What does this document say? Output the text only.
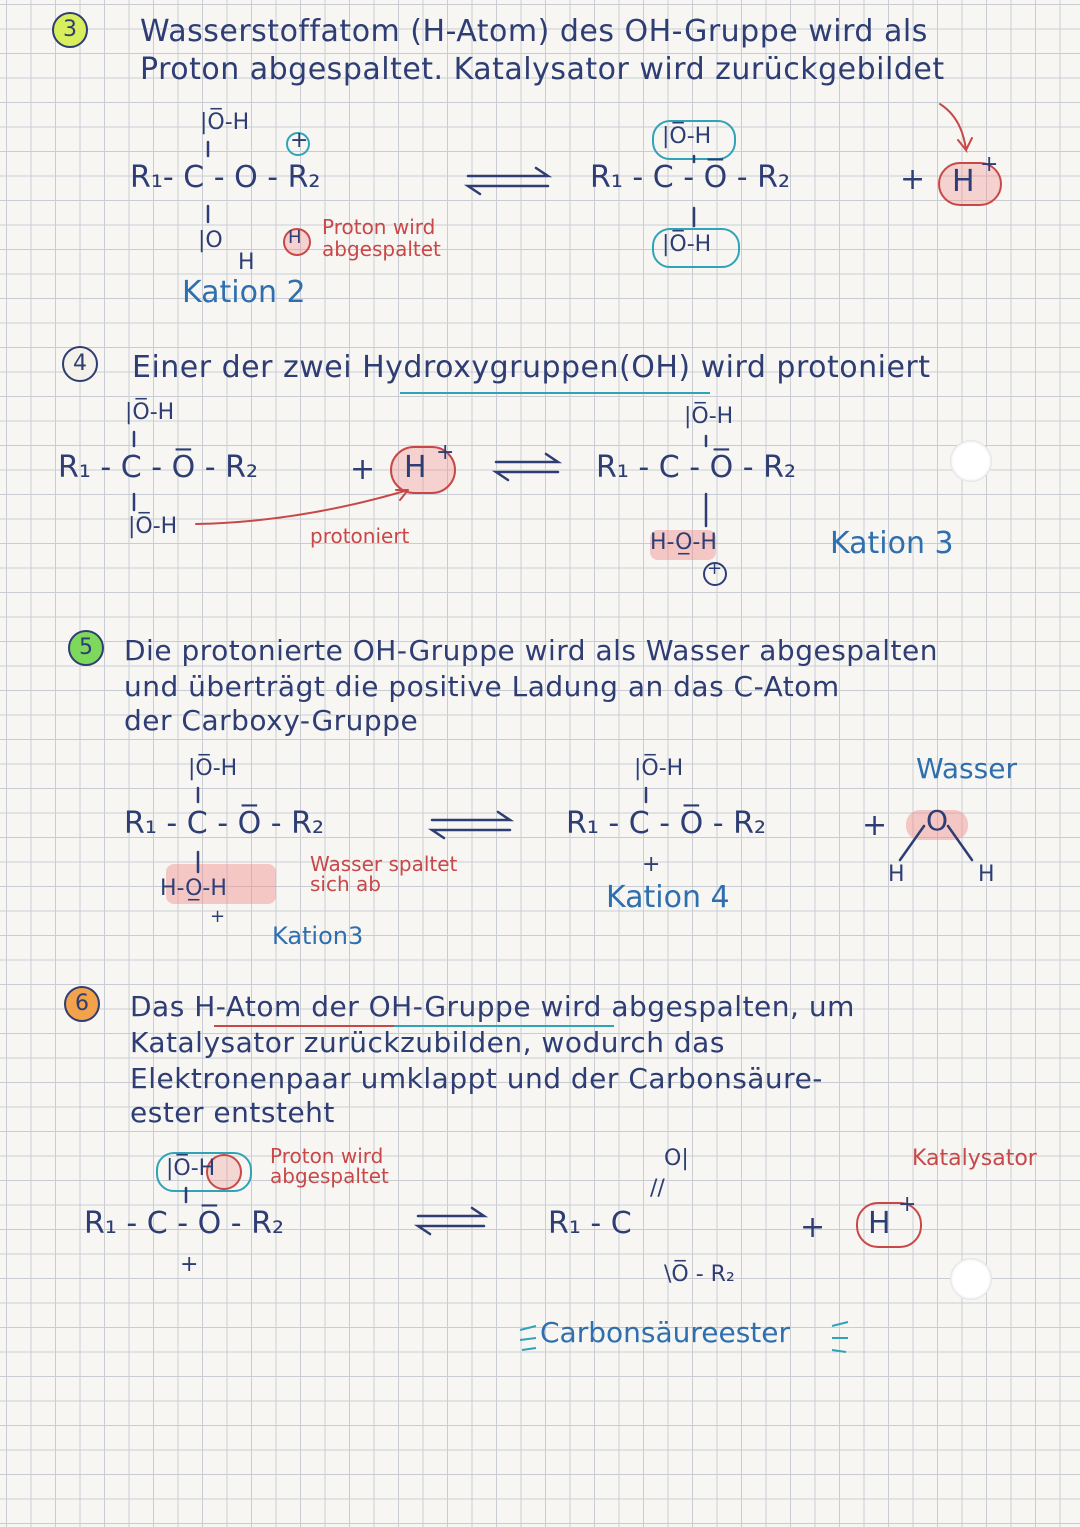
3	Wasserstoffatom (H-Atom) des OH-Gruppe wird als
Proton abgespaltet. Katalysator wird zurückgebildet
|O̅-H
R₁- C - O - R₂
|O
H
+
H Proton wird
abgespaltet
Kation 2
|O̅-H
R₁ - C - O̅ - R₂
|O̅-H
+ H +
4	Einer der zwei Hydroxygruppen(OH) wird protoniert
|O̅-H
R₁ - C - O̅ - R₂
|O̅-H
+ H +
protoniert
|O̅-H
R₁ - C - O̅ - R₂
H-O̲-H
+
Kation 3
5	Die protonierte OH-Gruppe wird als Wasser abgespalten
und überträgt die positive Ladung an das C-Atom
der Carboxy-Gruppe
|O̅-H
R₁ - C - O̅ - R₂
H-O̲-H
+
Wasser spaltet
sich ab
Kation3
|O̅-H
R₁ - C - O̅ - R₂
+
Kation 4
+
Wasser
O
H	H
6	Das H-Atom der OH-Gruppe wird abgespalten, um
Katalysator zurückzubilden, wodurch das
Elektronenpaar umklappt und der Carbonsäure-
ester entsteht
|O̅-H	Proton wird
abgespaltet
R₁ - C - O̅ - R₂
+
O|
//
R₁ - C
\O̅ - R₂
+
Katalysator
H
+
Carbonsäureester
